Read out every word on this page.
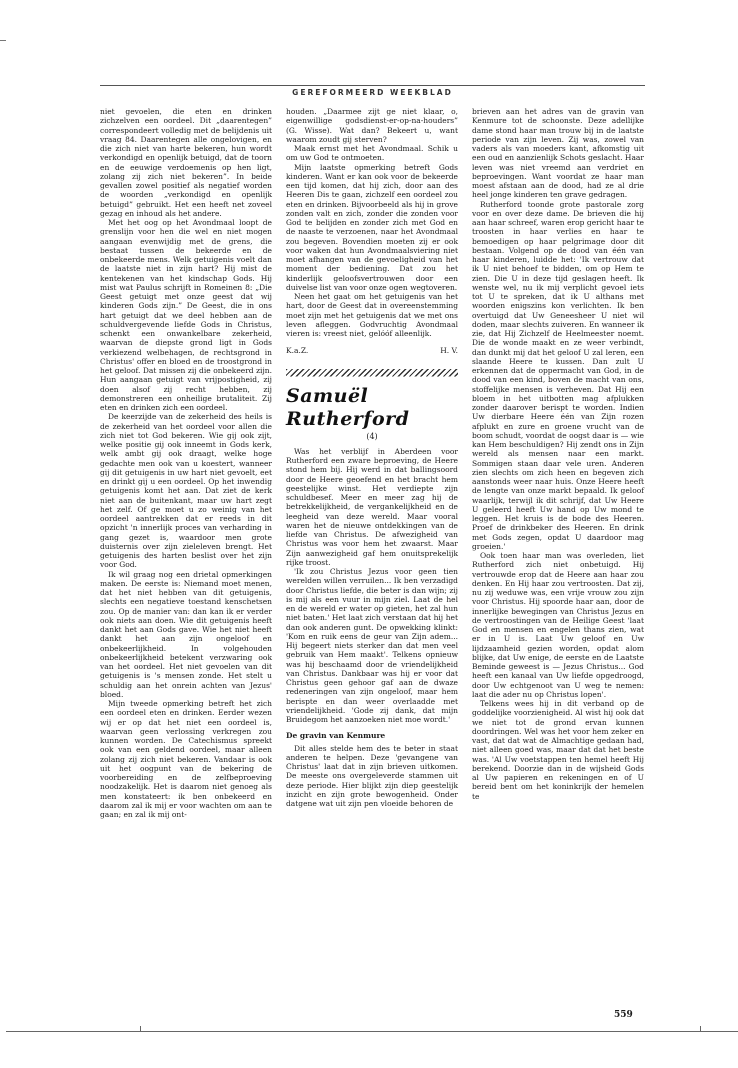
GEREFORMEERD WEEKBLAD

niet gevoelen, die eten en drinken zichzelven een oordeel. Dit „daarentegen” correspondeert volledig met de belijdenis uit vraag 84. Daarentegen alle ongelovigen, en die zich niet van harte bekeren, hun wordt verkondigd en openlijk betuigd, dat de toorn en de eeuwige verdoemenis op hen ligt, zolang zij zich niet bekeren”. In beide gevallen zowel positief als negatief worden de woorden „verkondigd en openlijk betuigd” gebruikt. Het een heeft net zoveel gezag en inhoud als het andere.

Met het oog op het Avondmaal loopt de grenslijn voor hen die wel en niet mogen aangaan evenwijdig met de grens, die bestaat tussen de bekeerde en de onbekeerde mens. Welk getuigenis voelt dan de laatste niet in zijn hart? Hij mist de kentekenen van het kindschap Gods. Hij mist wat Paulus schrijft in Romeinen 8: „Die Geest getuigt met onze geest dat wij kinderen Gods zijn.” De Geest, die in ons hart getuigt dat we deel hebben aan de schuldvergevende liefde Gods in Christus, schenkt een onwankelbare zekerheid, waarvan de diepste grond ligt in Gods verkiezend welbehagen, de rechtsgrond in Christus' offer en bloed en de troostgrond in het geloof. Dat missen zij die onbekeerd zijn. Hun aangaan getuigt van vrijpostigheid, zij doen alsof zij recht hebben, zij demonstreren een onheilige brutaliteit. Zij eten en drinken zich een oordeel.

De keerzijde van de zekerheid des heils is de zekerheid van het oordeel voor allen die zich niet tot God bekeren. Wie gij ook zijt, welke positie gij ook inneemt in Gods kerk, welk ambt gij ook draagt, welke hoge gedachte men ook van u koestert, wanneer gij dit getuigenis in uw hart niet gevoelt, eet en drinkt gij u een oordeel. Op het inwendig getuigenis komt het aan. Dat ziet de kerk niet aan de buitenkant, maar uw hart zegt het zelf. Of ge moet u zo weinig van het oordeel aantrekken dat er reeds in dit opzicht 'n innerlijk proces van verharding in gang gezet is, waardoor men grote duisternis over zijn zieleleven brengt. Het getuigenis des harten beslist over het zijn voor God.

Ik wil graag nog een drietal opmerkingen maken. De eerste is: Niemand moet menen, dat het niet hebben van dit getuigenis, slechts een negatieve toestand kenschetsen zou. Op de manier van: dan kan ik er verder ook niets aan doen. Wie dit getuigenis heeft dankt het aan Gods gave. Wie het niet heeft dankt het aan zijn ongeloof en onbekeerlijkheid. In volgehouden onbekeerlijkheid betekent verzwaring ook van het oordeel. Het niet gevoelen van dit getuigenis is 's mensen zonde. Het stelt u schuldig aan het onrein achten van Jezus' bloed.

Mijn tweede opmerking betreft het zich een oordeel eten en drinken. Eerder wezen wij er op dat het niet een oordeel is, waarvan geen verlossing verkregen zou kunnen worden. De Catechismus spreekt ook van een geldend oordeel, maar alleen zolang zij zich niet bekeren. Vandaar is ook uit het oogpunt van de bekering de voorbereiding en de zelfbeproeving noodzakelijk. Het is daarom niet genoeg als men konstateert: ik ben onbekeerd en daarom zal ik mij er voor wachten om aan te gaan; en zal ik mij ont-

houden. „Daarmee zijt ge niet klaar, o, eigenwillige godsdienst-er-op-na-houders” (G. Wisse). Wat dan? Bekeert u, want waarom zoudt gij sterven?

Maak ernst met het Avondmaal. Schik u om uw God te ontmoeten.

Mijn laatste opmerking betreft Gods kinderen. Want er kan ook voor de bekeerde een tijd komen, dat hij zich, door aan des Heeren Dis te gaan, zichzelf een oordeel zou eten en drinken. Bijvoorbeeld als hij in grove zonden valt en zich, zonder die zonden voor God te belijden en zonder zich met God en de naaste te verzoenen, naar het Avondmaal zou begeven. Bovendien moeten zij er ook voor waken dat hun Avondmaalsviering niet moet afhangen van de gevoeligheid van het moment der bediening. Dat zou het kinderlijk geloofsvertrouwen door een duivelse list van voor onze ogen wegtoveren.

Neen het gaat om het getuigenis van het hart, door de Geest dat in overeenstemming moet zijn met het getuigenis dat we met ons leven afleggen. Godvruchtig Avondmaal vieren is: vreest niet, gelóóf alleenlijk.

K.a.Z.	H. V.
Samuël Rutherford
(4)

Was het verblijf in Aberdeen voor Rutherford een zware beproeving, de Heere stond hem bij. Hij werd in dat ballingsoord door de Heere geoefend en het bracht hem geestelijke winst. Het verdiepte zijn schuldbesef. Meer en meer zag hij de betrekkelijkheid, de vergankelijkheid en de leegheid van deze wereld. Maar vooral waren het de nieuwe ontdekkingen van de liefde van Christus. De afwezigheid van Christus was voor hem het zwaarst. Maar Zijn aanwezigheid gaf hem onuitsprekelijk rijke troost.

'Ik zou Christus Jezus voor geen tien werelden willen verruilen... Ik ben verzadigd door Christus liefde, die beter is dan wijn; zij is mij als een vuur in mijn ziel. Laat de hel en de wereld er water op gieten, het zal hun niet baten.' Het laat zich verstaan dat hij het dan ook anderen gunt. De opwekking klinkt: 'Kom en ruik eens de geur van Zijn adem... Hij begeert niets sterker dan dat men veel gebruik van Hem maakt'. Telkens opnieuw was hij beschaamd door de vriendelijkheid van Christus. Dankbaar was hij er voor dat Christus geen gehoor gaf aan de dwaze redeneringen van zijn ongeloof, maar hem berispte en dan weer overlaadde met vriendelijkheid. 'Gode zij dank, dat mijn Bruidegom het aanzoeken niet moe wordt.'

De gravin van Kenmure

Dit alles stelde hem des te beter in staat anderen te helpen. Deze 'gevangene van Christus' laat dat in zijn brieven uitkomen. De meeste ons overgeleverde stammen uit deze periode. Hier blijkt zijn diep geestelijk inzicht en zijn grote bewogenheid. Onder datgene wat uit zijn pen vloeide behoren de

brieven aan het adres van de gravin van Kenmure tot de schoonste. Deze adellijke dame stond haar man trouw bij in de laatste periode van zijn leven. Zij was, zowel van vaders als van moeders kant, afkomstig uit een oud en aanzienlijk Schots geslacht. Haar leven was niet vreemd aan verdriet en beproevingen. Want voordat ze haar man moest afstaan aan de dood, had ze al drie heel jonge kinderen ten grave gedragen.

Rutherford toonde grote pastorale zorg voor en over deze dame. De brieven die hij aan haar schreef, waren erop gericht haar te troosten in haar verlies en haar te bemoedigen op haar pelgrimage door dit bestaan. Volgend op de dood van één van haar kinderen, luidde het: 'Ik vertrouw dat ik U niet behoef te bidden, om op Hem te zien. Die U in deze tijd geslagen heeft. Ik wenste wel, nu ik mij verplicht gevoel iets tot U te spreken, dat ik U althans met woorden enigszins kon verlichten. Ik ben overtuigd dat Uw Geneesheer U niet wil doden, maar slechts zuiveren. En wanneer ik zie, dat Hij Zichzelf de Heelmeester noemt. Die de wonde maakt en ze weer verbindt, dan dunkt mij dat het geloof U zal leren, een slaande Heere te kussen. Dan zult U erkennen dat de oppermacht van God, in de dood van een kind, boven de macht van ons, stoffelijke mensen is verheven. Dat Hij een bloem in het uitbotten mag afplukken zonder daarover berispt te worden. Indien Uw dierbare Heere één van Zijn rozen afplukt en zure en groene vrucht van de boom schudt, voordat de oogst daar is — wie kan Hem beschuldigen? Hij zendt ons in Zijn wereld als mensen naar een markt. Sommigen staan daar vele uren. Anderen zien slechts om zich heen en begeven zich aanstonds weer naar huis. Onze Heere heeft de lengte van onze markt bepaald. Ik geloof waarlijk, terwijl ik dit schrijf, dat Uw Heere U geleerd heeft Uw hand op Uw mond te leggen. Het kruis is de bode des Heeren. Proef de drinkbeker des Heeren. En drink met Gods zegen, opdat U daardoor mag groeien.'

Ook toen haar man was overleden, liet Rutherford zich niet onbetuigd. Hij vertrouwde erop dat de Heere aan haar zou denken. En Hij haar zou vertroosten. Dat zij, nu zij weduwe was, een vrije vrouw zou zijn voor Christus. Hij spoorde haar aan, door de innerlijke bewegingen van Christus Jezus en de vertroostingen van de Heilige Geest 'laat God en mensen en engelen thans zien, wat er in U is. Laat Uw geloof en Uw lijdzaamheid gezien worden, opdat alom blijke, dat Uw enige, de eerste en de Laatste Beminde geweest is — Jezus Christus... God heeft een kanaal van Uw liefde opgedroogd, door Uw echtgenoot van U weg te nemen: laat die ader nu op Christus lopen'.

Telkens wees hij in dit verband op de goddelijke voorzienigheid. Al wist hij ook dat we niet tot de grond ervan kunnen doordringen. Wel was het voor hem zeker en vast, dat dat wat de Almachtige gedaan had, niet alleen goed was, maar dat dat het beste was. 'Al Uw voetstappen ten hemel heeft Hij berekend. Doorzie dan in de wijsheid Gods al Uw papieren en rekeningen en of U bereid bent om het koninkrijk der hemelen te

559
